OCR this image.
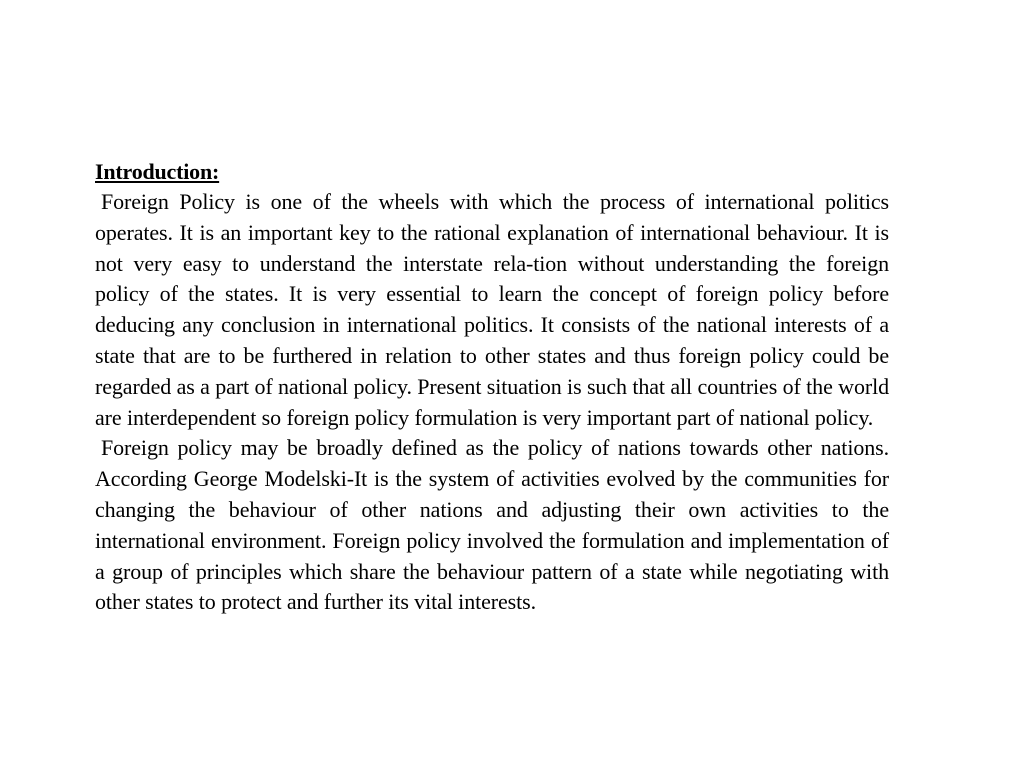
Introduction:

Foreign Policy is one of the wheels with which the process of international politics operates. It is an important key to the rational explanation of international behaviour. It is not very easy to understand the interstate rela-tion without understanding the foreign policy of the states. It is very essential to learn the concept of foreign policy before deducing any conclusion in international politics. It consists of the national interests of a state that are to be furthered in relation to other states and thus foreign policy could be regarded as a part of national policy. Present situation is such that all countries of the world are interdependent so foreign policy formulation is very important part of national policy.

Foreign policy may be broadly defined as the policy of nations towards other nations. According George Modelski-It is the system of activities evolved by the communities for changing the behaviour of other nations and adjusting their own activities to the international environment. Foreign policy involved the formulation and implementation of a group of principles which share the behaviour pattern of a state while negotiating with other states to protect and further its vital interests.
